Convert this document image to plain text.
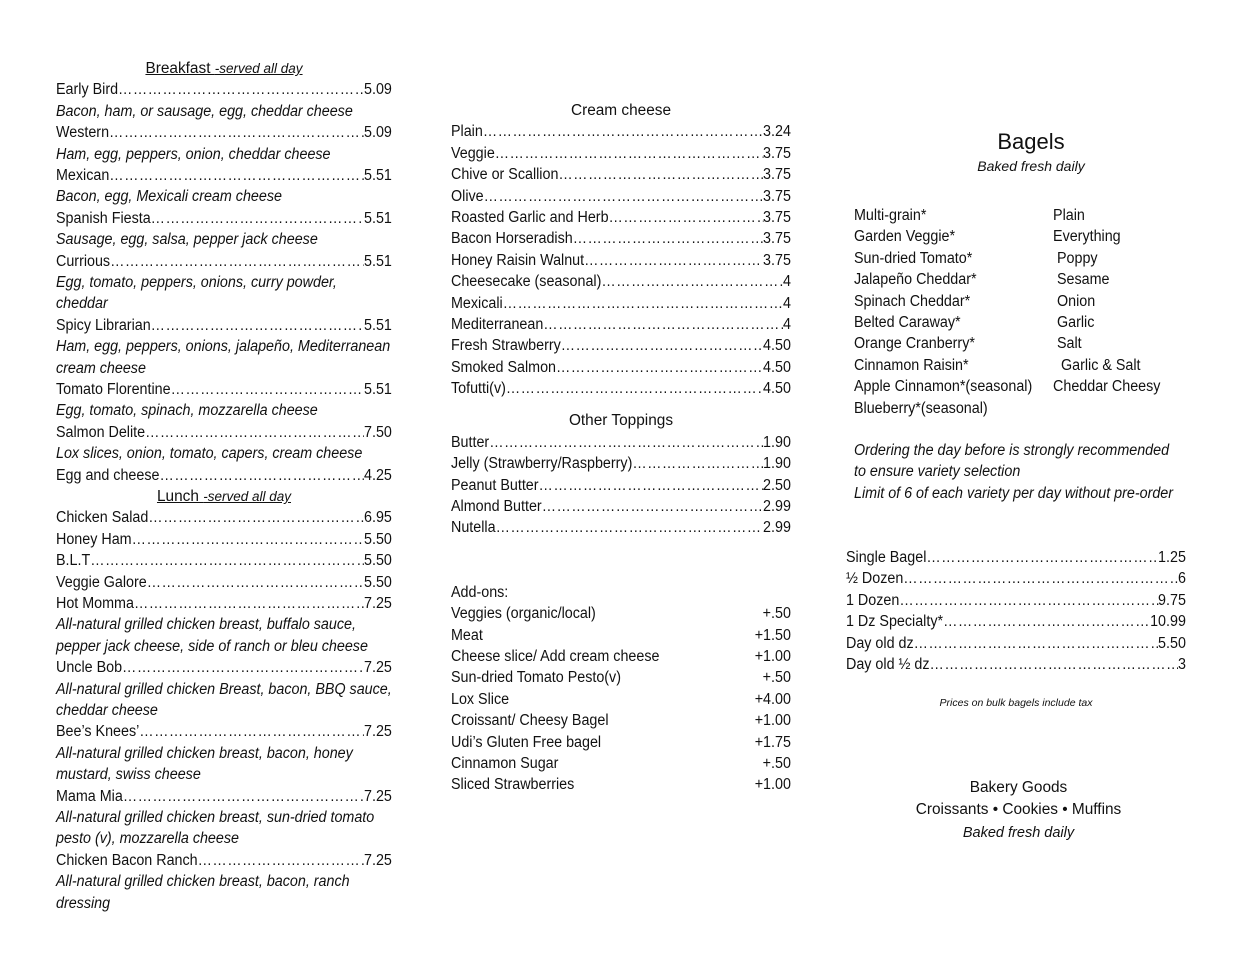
Breakfast -served all day
Early Bird …………………………………………………………………………………………………………	5.09
Bacon, ham, or sausage, egg, cheddar cheese
Western …………………………………………………………………………………………………………	5.09
Ham, egg, peppers, onion, cheddar cheese
Mexican …………………………………………………………………………………………………………	5.51
Bacon, egg, Mexicali cream cheese
Spanish Fiesta …………………………………………………………………………………………………………	5.51
Sausage, egg, salsa, pepper jack cheese
Currious …………………………………………………………………………………………………………	5.51
Egg, tomato, peppers, onions, curry powder, cheddar
Spicy Librarian …………………………………………………………………………………………………………	5.51
Ham, egg, peppers, onions, jalapeño, Mediterranean cream cheese
Tomato Florentine …………………………………………………………………………………………………………	5.51
Egg, tomato, spinach, mozzarella cheese
Salmon Delite …………………………………………………………………………………………………………	7.50
Lox slices, onion, tomato, capers, cream cheese
Egg and cheese …………………………………………………………………………………………………………	4.25
Lunch -served all day
Chicken Salad …………………………………………………………………………………………………………	6.95
Honey Ham …………………………………………………………………………………………………………	5.50
B.L.T …………………………………………………………………………………………………………	5.50
Veggie Galore …………………………………………………………………………………………………………	5.50
Hot Momma …………………………………………………………………………………………………………	7.25
All-natural grilled chicken breast, buffalo sauce, pepper jack cheese, side of ranch or bleu cheese
Uncle Bob …………………………………………………………………………………………………………	7.25
All-natural grilled chicken Breast, bacon, BBQ sauce, cheddar cheese
Bee’s Knees’ …………………………………………………………………………………………………………	7.25
All-natural grilled chicken breast, bacon, honey mustard, swiss cheese
Mama Mia …………………………………………………………………………………………………………	7.25
All-natural grilled chicken breast, sun-dried tomato pesto (v), mozzarella cheese
Chicken Bacon Ranch …………………………………………………………………………………………………………	7.25
All-natural grilled chicken breast, bacon, ranch dressing
Cream cheese
Plain …………………………………………………………………………………………………………	3.24
Veggie …………………………………………………………………………………………………………	3.75
Chive or Scallion …………………………………………………………………………………………………………	3.75
Olive …………………………………………………………………………………………………………	3.75
Roasted Garlic and Herb …………………………………………………………………………………………………………	3.75
Bacon Horseradish …………………………………………………………………………………………………………	3.75
Honey Raisin Walnut …………………………………………………………………………………………………………	3.75
Cheesecake (seasonal) …………………………………………………………………………………………………………	4
Mexicali …………………………………………………………………………………………………………	4
Mediterranean …………………………………………………………………………………………………………	4
Fresh Strawberry …………………………………………………………………………………………………………	4.50
Smoked Salmon …………………………………………………………………………………………………………	4.50
Tofutti(v) …………………………………………………………………………………………………………	4.50
Other Toppings
Butter …………………………………………………………………………………………………………	1.90
Jelly (Strawberry/Raspberry) …………………………………………………………………………………………………………	1.90
Peanut Butter …………………………………………………………………………………………………………	2.50
Almond Butter …………………………………………………………………………………………………………	2.99
Nutella …………………………………………………………………………………………………………	2.99
Add-ons:
Veggies (organic/local)	+.50
Meat	+1.50
Cheese slice/ Add cream cheese	+1.00
Sun-dried Tomato Pesto(v)	+.50
Lox Slice	+4.00
Croissant/ Cheesy Bagel	+1.00
Udi’s Gluten Free bagel	+1.75
Cinnamon Sugar	+.50
Sliced Strawberries	+1.00
Bagels
Baked fresh daily
Multi-grain*	Plain
Garden Veggie*	Everything
Sun-dried Tomato*	Poppy
Jalapeño Cheddar*	Sesame
Spinach Cheddar*	Onion
Belted Caraway*	Garlic
Orange Cranberry*	Salt
Cinnamon Raisin*	Garlic & Salt
Apple Cinnamon*(seasonal) Cheddar Cheesy
Blueberry*(seasonal)
Ordering the day before is strongly recommended to ensure variety selection
Limit of 6 of each variety per day without pre-order
Single Bagel …………………………………………………………………………………………………………	1.25
½ Dozen …………………………………………………………………………………………………………	6
1 Dozen …………………………………………………………………………………………………………	9.75
1 Dz Specialty* …………………………………………………………………………………………………………	10.99
Day old dz …………………………………………………………………………………………………………	5.50
Day old ½ dz …………………………………………………………………………………………………………	3
Prices on bulk bagels include tax
Bakery Goods
Croissants • Cookies • Muffins
Baked fresh daily
